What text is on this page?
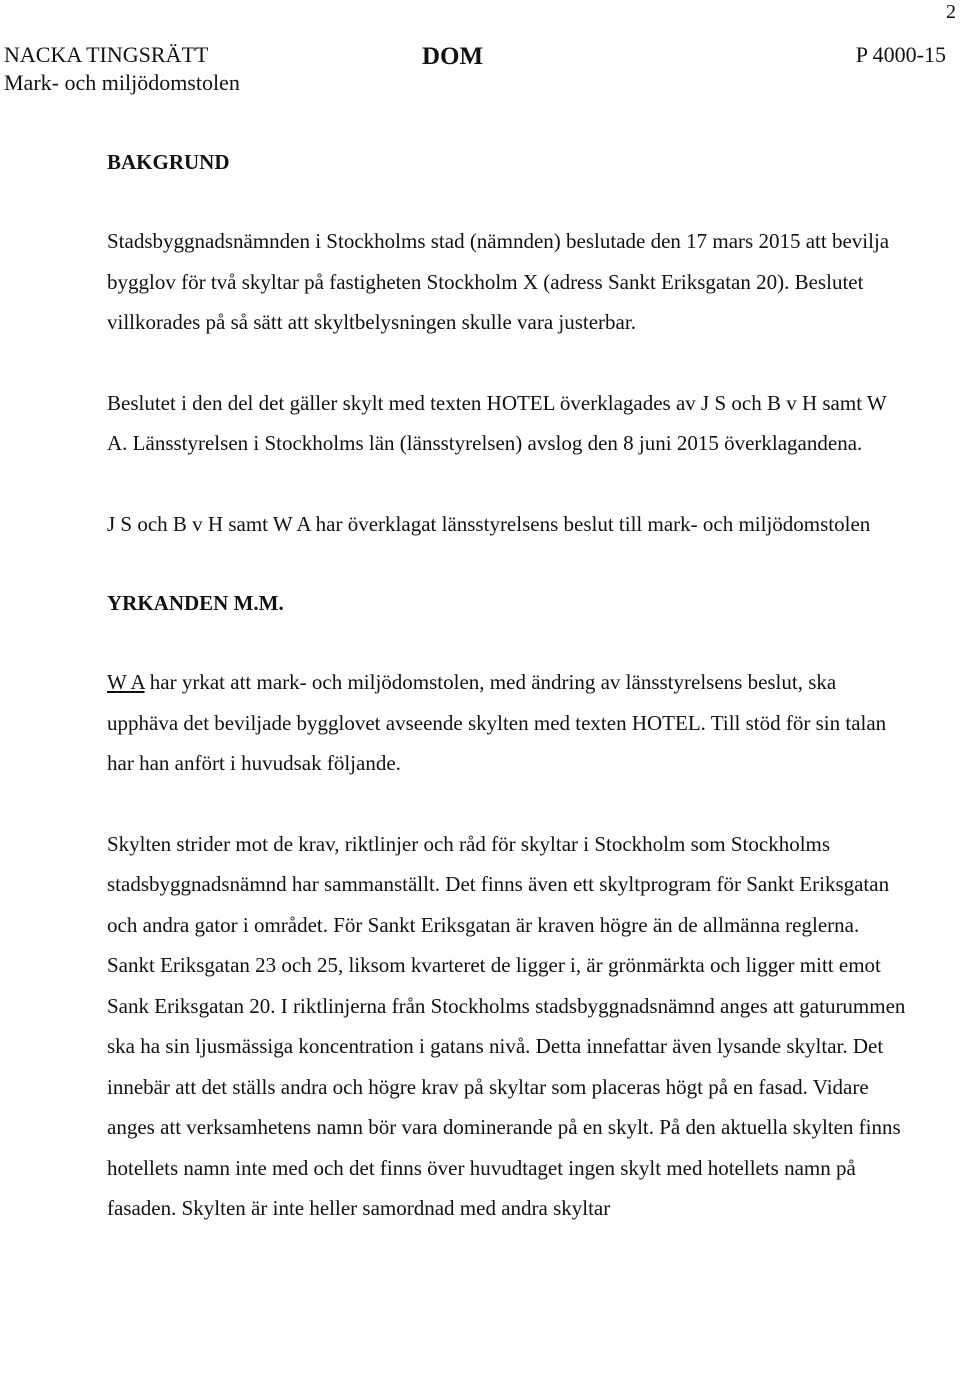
2
NACKA TINGSRÄTT
Mark- och miljödomstolen
DOM	P 4000-15
BAKGRUND

Stadsbyggnadsnämnden i Stockholms stad (nämnden) beslutade den 17 mars 2015 att bevilja bygglov för två skyltar på fastigheten Stockholm X (adress Sankt Eriksgatan 20). Beslutet villkorades på så sätt att skyltbelysningen skulle vara justerbar.

Beslutet i den del det gäller skylt med texten HOTEL överklagades av J S och B v H samt W A. Länsstyrelsen i Stockholms län (länsstyrelsen) avslog den 8 juni 2015 överklagandena.

J S och B v H samt W A har överklagat länsstyrelsens beslut till mark- och miljödomstolen

YRKANDEN M.M.

W A har yrkat att mark- och miljödomstolen, med ändring av länsstyrelsens beslut, ska upphäva det beviljade bygglovet avseende skylten med texten HOTEL. Till stöd för sin talan har han anfört i huvudsak följande.

Skylten strider mot de krav, riktlinjer och råd för skyltar i Stockholm som Stockholms stadsbyggnadsnämnd har sammanställt. Det finns även ett skyltprogram för Sankt Eriksgatan och andra gator i området. För Sankt Eriksgatan är kraven högre än de allmänna reglerna. Sankt Eriksgatan 23 och 25, liksom kvarteret de ligger i, är grönmärkta och ligger mitt emot Sank Eriksgatan 20. I riktlinjerna från Stockholms stadsbyggnadsnämnd anges att gaturummen ska ha sin ljusmässiga koncentration i gatans nivå. Detta innefattar även lysande skyltar. Det innebär att det ställs andra och högre krav på skyltar som placeras högt på en fasad. Vidare anges att verksamhetens namn bör vara dominerande på en skylt. På den aktuella skylten finns hotellets namn inte med och det finns över huvudtaget ingen skylt med hotellets namn på fasaden. Skylten är inte heller samordnad med andra skyltar
